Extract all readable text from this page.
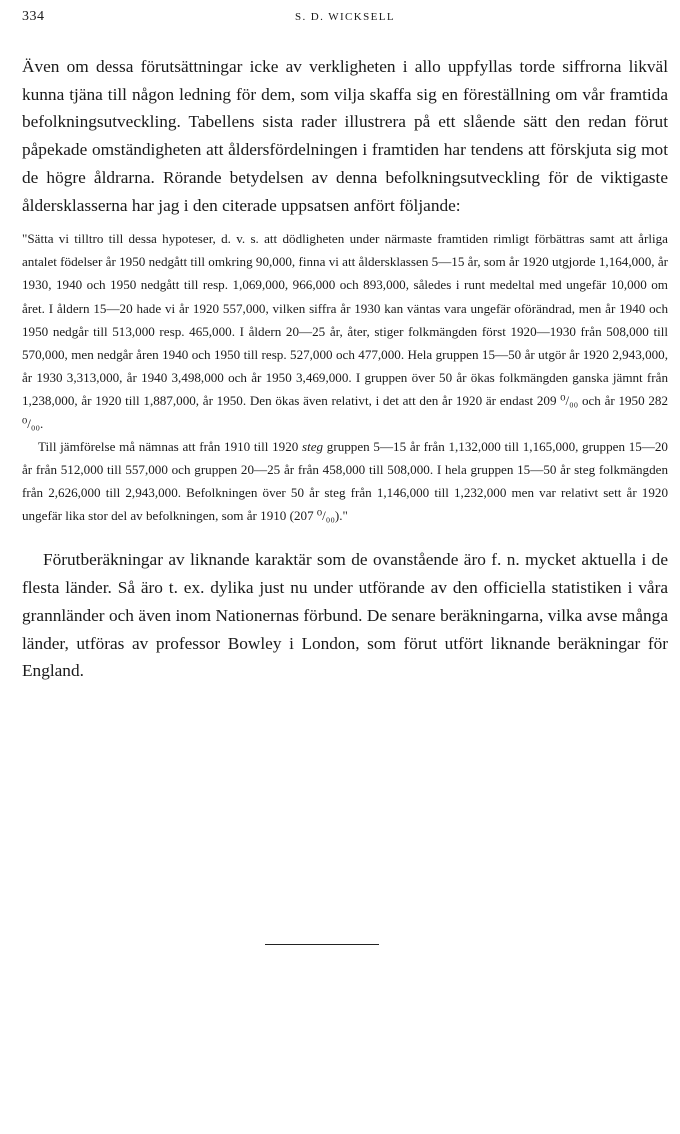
334	S. D. WICKSELL

Även om dessa förutsättningar icke av verkligheten i allo uppfyllas torde siffrorna likväl kunna tjäna till någon ledning för dem, som vilja skaffa sig en föreställning om vår framtida befolkningsutveckling. Tabellens sista rader illustrera på ett slående sätt den redan förut påpekade omständigheten att åldersfördelningen i framtiden har tendens att förskjuta sig mot de högre åldrarna. Rörande betydelsen av denna befolkningsutveckling för de viktigaste åldersklasserna har jag i den citerade uppsatsen anfört följande:

"Sätta vi tilltro till dessa hypoteser, d. v. s. att dödligheten under närmaste framtiden rimligt förbättras samt att årliga antalet födelser år 1950 nedgått till omkring 90,000, finna vi att åldersklassen 5—15 år, som år 1920 utgjorde 1,164,000, år 1930, 1940 och 1950 nedgått till resp. 1,069,000, 966,000 och 893,000, således i runt medeltal med ungefär 10,000 om året. I åldern 15—20 hade vi år 1920 557,000, vilken siffra år 1930 kan väntas vara ungefär oförändrad, men år 1940 och 1950 nedgår till 513,000 resp. 465,000. I åldern 20—25 år, åter, stiger folkmängden först 1920—1930 från 508,000 till 570,000, men nedgår åren 1940 och 1950 till resp. 527,000 och 477,000. Hela gruppen 15—50 år utgör år 1920 2,943,000, år 1930 3,313,000, år 1940 3,498,000 och år 1950 3,469,000. I gruppen över 50 år ökas folkmängden ganska jämnt från 1,238,000, år 1920 till 1,887,000, år 1950. Den ökas även relativt, i det att den år 1920 är endast 209 ⁰/₀₀ och år 1950 282 ⁰/₀₀.

Till jämförelse må nämnas att från 1910 till 1920 steg gruppen 5—15 år från 1,132,000 till 1,165,000, gruppen 15—20 år från 512,000 till 557,000 och gruppen 20—25 år från 458,000 till 508,000. I hela gruppen 15—50 år steg folkmängden från 2,626,000 till 2,943,000. Befolkningen över 50 år steg från 1,146,000 till 1,232,000 men var relativt sett år 1920 ungefär lika stor del av befolkningen, som år 1910 (207 ⁰/₀₀)."

Förutberäkningar av liknande karaktär som de ovanstående äro f. n. mycket aktuella i de flesta länder. Så äro t. ex. dylika just nu under utförande av den officiella statistiken i våra grannländer och även inom Nationernas förbund. De senare beräkningarna, vilka avse många länder, utföras av professor Bowley i London, som förut utfört liknande beräkningar för England.
